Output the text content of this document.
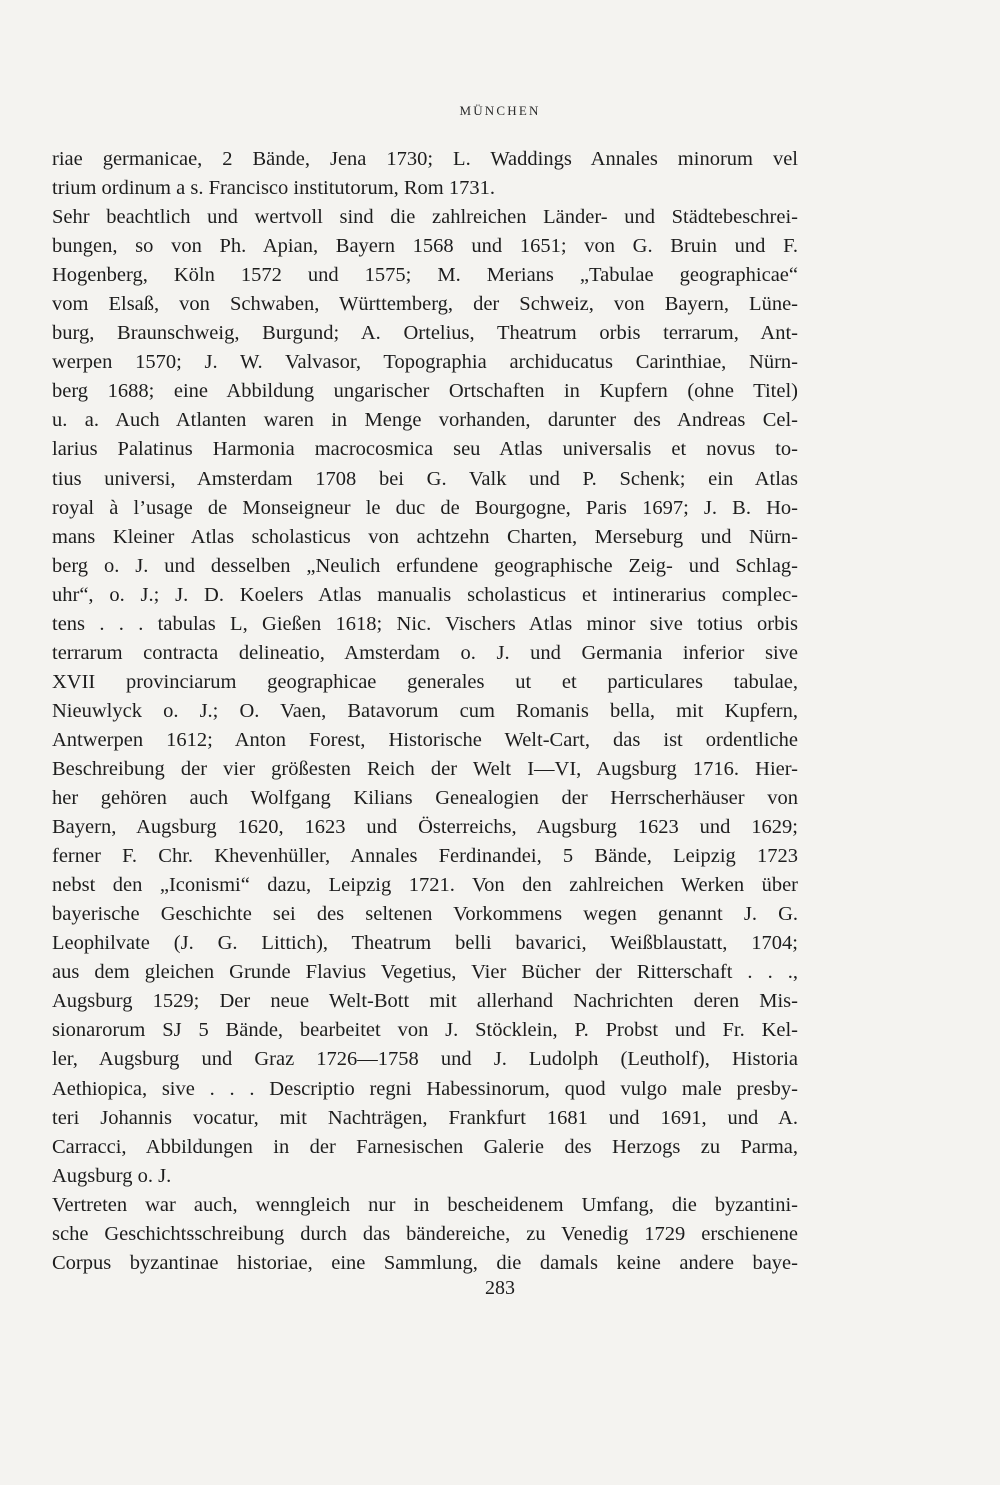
MÜNCHEN
riae germanicae, 2 Bände, Jena 1730; L. Waddings Annales minorum vel
trium ordinum a s. Francisco institutorum, Rom 1731.
Sehr beachtlich und wertvoll sind die zahlreichen Länder- und Städtebeschrei-
bungen, so von Ph. Apian, Bayern 1568 und 1651; von G. Bruin und F.
Hogenberg, Köln 1572 und 1575; M. Merians „Tabulae geographicae“
vom Elsaß, von Schwaben, Württemberg, der Schweiz, von Bayern, Lüne-
burg, Braunschweig, Burgund; A. Ortelius, Theatrum orbis terrarum, Ant-
werpen 1570; J. W. Valvasor, Topographia archiducatus Carinthiae, Nürn-
berg 1688; eine Abbildung ungarischer Ortschaften in Kupfern (ohne Titel)
u. a. Auch Atlanten waren in Menge vorhanden, darunter des Andreas Cel-
larius Palatinus Harmonia macrocosmica seu Atlas universalis et novus to-
tius universi, Amsterdam 1708 bei G. Valk und P. Schenk; ein Atlas
royal à l’usage de Monseigneur le duc de Bourgogne, Paris 1697; J. B. Ho-
mans Kleiner Atlas scholasticus von achtzehn Charten, Merseburg und Nürn-
berg o. J. und desselben „Neulich erfundene geographische Zeig- und Schlag-
uhr“, o. J.; J. D. Koelers Atlas manualis scholasticus et intinerarius complec-
tens . . . tabulas L, Gießen 1618; Nic. Vischers Atlas minor sive totius orbis
terrarum contracta delineatio, Amsterdam o. J. und Germania inferior sive
XVII provinciarum geographicae generales ut et particulares tabulae,
Nieuwlyck o. J.; O. Vaen, Batavorum cum Romanis bella, mit Kupfern,
Antwerpen 1612; Anton Forest, Historische Welt-Cart, das ist ordentliche
Beschreibung der vier größesten Reich der Welt I—VI, Augsburg 1716. Hier-
her gehören auch Wolfgang Kilians Genealogien der Herrscherhäuser von
Bayern, Augsburg 1620, 1623 und Österreichs, Augsburg 1623 und 1629;
ferner F. Chr. Khevenhüller, Annales Ferdinandei, 5 Bände, Leipzig 1723
nebst den „Iconismi“ dazu, Leipzig 1721. Von den zahlreichen Werken über
bayerische Geschichte sei des seltenen Vorkommens wegen genannt J. G.
Leophilvate (J. G. Littich), Theatrum belli bavarici, Weißblaustatt, 1704;
aus dem gleichen Grunde Flavius Vegetius, Vier Bücher der Ritterschaft . . .,
Augsburg 1529; Der neue Welt-Bott mit allerhand Nachrichten deren Mis-
sionarorum SJ 5 Bände, bearbeitet von J. Stöcklein, P. Probst und Fr. Kel-
ler, Augsburg und Graz 1726—1758 und J. Ludolph (Leutholf), Historia
Aethiopica, sive . . . Descriptio regni Habessinorum, quod vulgo male presby-
teri Johannis vocatur, mit Nachträgen, Frankfurt 1681 und 1691, und A.
Carracci, Abbildungen in der Farnesischen Galerie des Herzogs zu Parma,
Augsburg o. J.
Vertreten war auch, wenngleich nur in bescheidenem Umfang, die byzantini-
sche Geschichtsschreibung durch das bändereiche, zu Venedig 1729 erschienene
Corpus byzantinae historiae, eine Sammlung, die damals keine andere baye-
283
